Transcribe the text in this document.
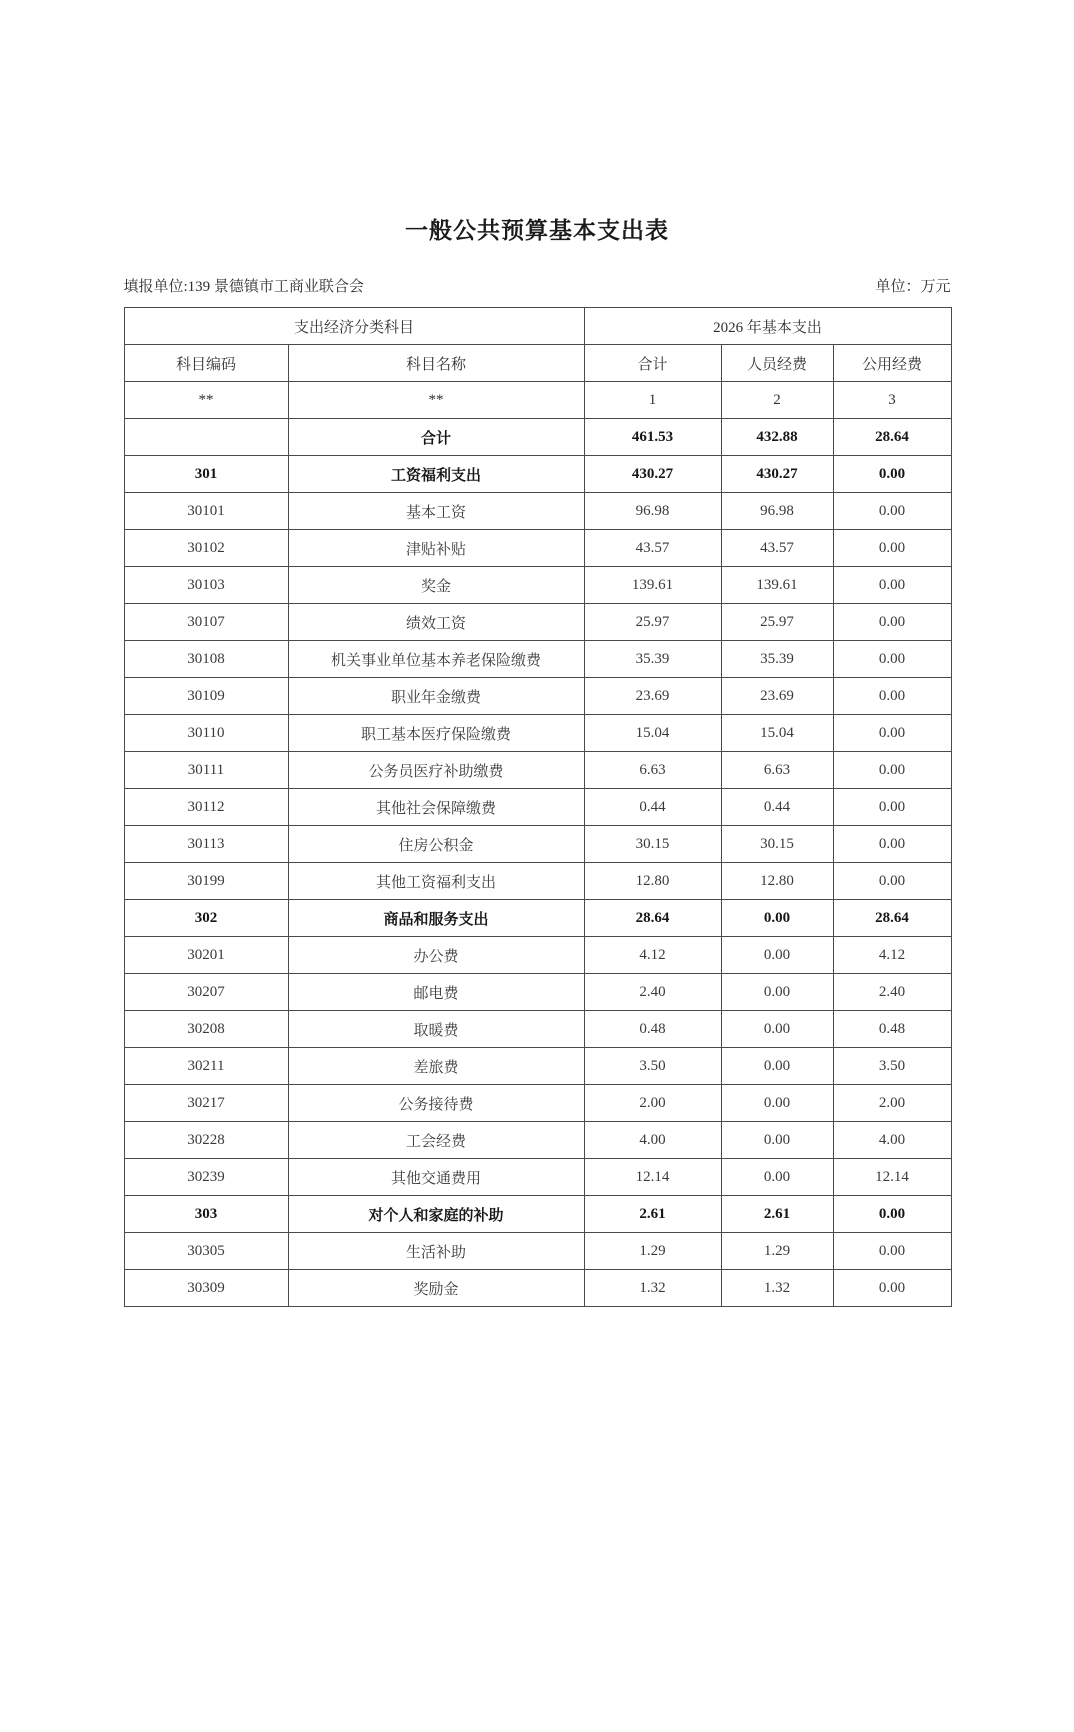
一般公共预算基本支出表
填报单位:139 景德镇市工商业联合会	单位：万元
支出经济分类科目		2026 年基本支出		
科目编码	科目名称	合计	人员经费	公用经费
**	**	1	2	3
	合计	461.53	432.88	28.64
301	工资福利支出	430.27	430.27	0.00
30101	基本工资	96.98	96.98	0.00
30102	津贴补贴	43.57	43.57	0.00
30103	奖金	139.61	139.61	0.00
30107	绩效工资	25.97	25.97	0.00
30108	机关事业单位基本养老保险缴费	35.39	35.39	0.00
30109	职业年金缴费	23.69	23.69	0.00
30110	职工基本医疗保险缴费	15.04	15.04	0.00
30111	公务员医疗补助缴费	6.63	6.63	0.00
30112	其他社会保障缴费	0.44	0.44	0.00
30113	住房公积金	30.15	30.15	0.00
30199	其他工资福利支出	12.80	12.80	0.00
302	商品和服务支出	28.64	0.00	28.64
30201	办公费	4.12	0.00	4.12
30207	邮电费	2.40	0.00	2.40
30208	取暖费	0.48	0.00	0.48
30211	差旅费	3.50	0.00	3.50
30217	公务接待费	2.00	0.00	2.00
30228	工会经费	4.00	0.00	4.00
30239	其他交通费用	12.14	0.00	12.14
303	对个人和家庭的补助	2.61	2.61	0.00
30305	生活补助	1.29	1.29	0.00
30309	奖励金	1.32	1.32	0.00
